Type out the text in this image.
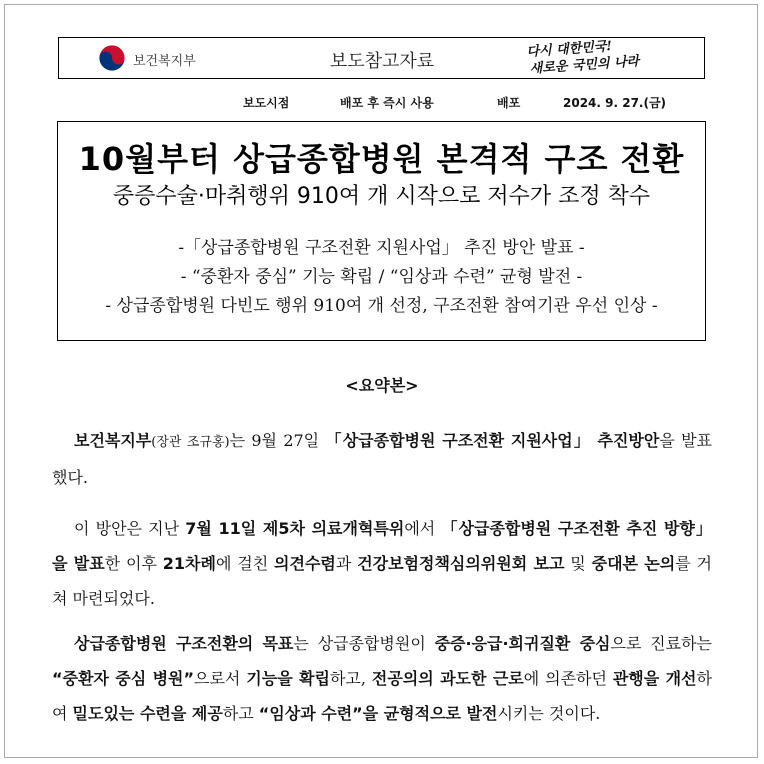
보건복지부	보도참고자료
다시 대한민국!
새로운 국민의 나라
보도시점	배포 후 즉시 사용	배포	2024. 9. 27.(금)
10월부터 상급종합병원 본격적 구조 전환
중증수술·마취행위 910여 개 시작으로 저수가 조정 착수
-「상급종합병원 구조전환 지원사업」 추진 방안 발표 -
- “중환자 중심” 기능 확립 / “임상과 수련” 균형 발전 -
- 상급종합병원 다빈도 행위 910여 개 선정, 구조전환 참여기관 우선 인상 -
<요약본>
보건복지부(장관 조규홍)는 9월 27일 「상급종합병원 구조전환 지원사업」 추진방안을 발표했다.
이 방안은 지난 7월 11일 제5차 의료개혁특위에서 「상급종합병원 구조전환 추진 방향」을 발표한 이후 21차례에 걸친 의견수렴과 건강보험정책심의위원회 보고 및 중대본 논의를 거쳐 마련되었다.
상급종합병원 구조전환의 목표는 상급종합병원이 중증·응급·희귀질환 중심으로 진료하는 “중환자 중심 병원”으로서 기능을 확립하고, 전공의의 과도한 근로에 의존하던 관행을 개선하여 밀도있는 수련을 제공하고 “임상과 수련”을 균형적으로 발전시키는 것이다.
